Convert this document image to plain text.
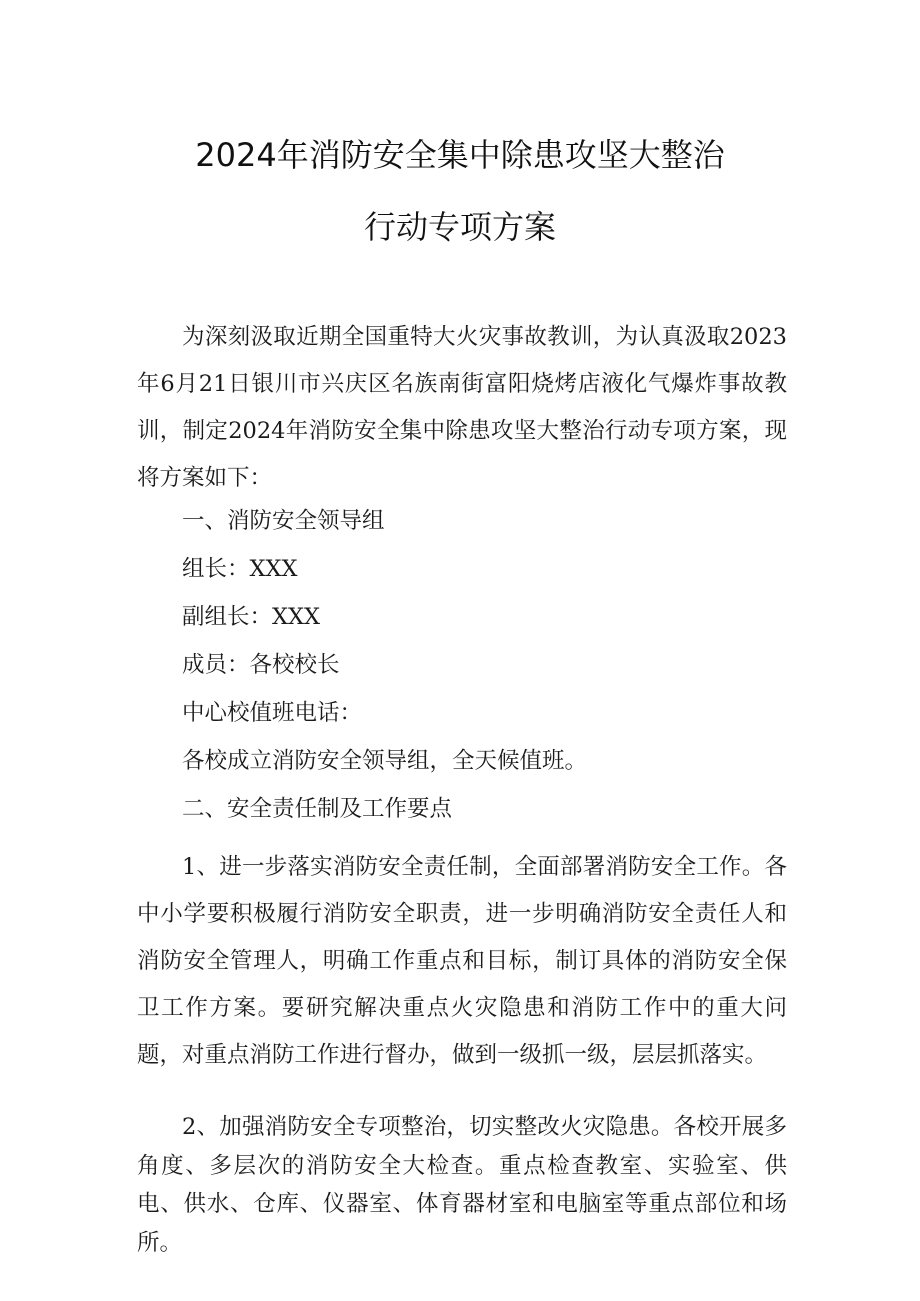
2024年消防安全集中除患攻坚大整治
行动专项方案

为深刻汲取近期全国重特大火灾事故教训，为认真汲取2023年6月21日银川市兴庆区名族南街富阳烧烤店液化气爆炸事故教训，制定2024年消防安全集中除患攻坚大整治行动专项方案，现将方案如下：

一、消防安全领导组

组长：XXX

副组长：XXX

成员：各校校长

中心校值班电话：

各校成立消防安全领导组，全天候值班。

二、安全责任制及工作要点

1、进一步落实消防安全责任制，全面部署消防安全工作。各中小学要积极履行消防安全职责，进一步明确消防安全责任人和消防安全管理人，明确工作重点和目标，制订具体的消防安全保卫工作方案。要研究解决重点火灾隐患和消防工作中的重大问题，对重点消防工作进行督办，做到一级抓一级，层层抓落实。

2、加强消防安全专项整治，切实整改火灾隐患。各校开展多角度、多层次的消防安全大检查。重点检查教室、实验室、供电、供水、仓库、仪器室、体育器材室和电脑室等重点部位和场所。
